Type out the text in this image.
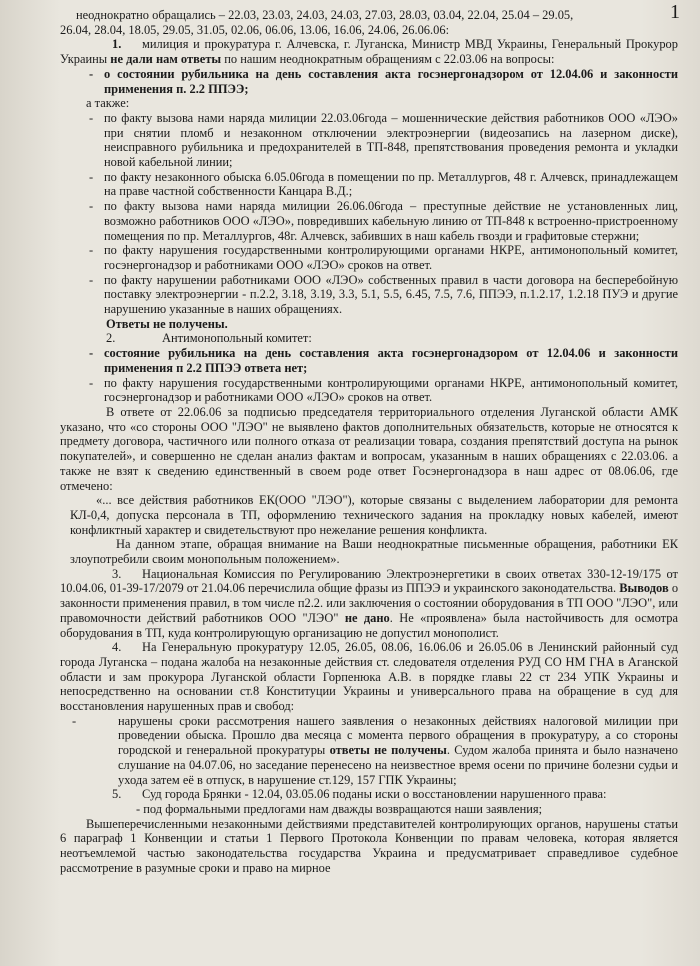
1

неоднократно обращались – 22.03, 23.03, 24.03, 24.03, 27.03, 28.03, 03.04, 22.04, 25.04 – 29.05,

26.04, 28.04, 18.05, 29.05, 31.05, 02.06, 06.06, 13.06, 16.06, 24.06, 26.06.06:

1. милиция и прокуратура г. Алчевска, г. Луганска, Министр МВД Украины, Генеральный Прокурор Украины не дали нам ответы по нашим неоднократным обращениям с 22.03.06 на вопросы:

- о состоянии рубильника на день составления акта госэнергонадзором от 12.04.06 и законности применения п. 2.2 ППЭЭ;

а также:

- по факту вызова нами наряда милиции 22.03.06года – мошеннические действия работников ООО «ЛЭО» при снятии пломб и незаконном отключении электроэнергии (видеозапись на лазерном диске), неисправного рубильника и предохранителей в ТП-848, препятствования проведения ремонта и укладки новой кабельной линии;

- по факту незаконного обыска 6.05.06года в помещении по пр. Металлургов, 48 г. Алчевск, принадлежащем на праве частной собственности Канцара В.Д.;

- по факту вызова нами наряда милиции 26.06.06года – преступные действие не установленных лиц, возможно работников ООО «ЛЭО», повредивших кабельную линию от ТП-848 к встроенно-пристроенному помещения по пр. Металлургов, 48г. Алчевск, забивших в наш кабель гвозди и графитовые стержни;

- по факту нарушения государственными контролирующими органами НКРЕ, антимонопольный комитет, госэнергонадзор и работниками ООО «ЛЭО» сроков на ответ.

- по факту нарушении работниками ООО «ЛЭО» собственных правил в части договора на бесперебойную поставку электроэнергии - п.2.2, 3.18, 3.19, 3.3, 5.1, 5.5, 6.45, 7.5, 7.6, ППЭЭ, п.1.2.17, 1.2.18 ПУЭ и другие нарушению указанные в наших обращениях.

Ответы не получены.

2.	Антимонопольный комитет:

- состояние рубильника на день составления акта госэнергонадзором от 12.04.06 и законности применения п 2.2 ППЭЭ ответа нет;

- по факту нарушения государственными контролирующими органами НКРЕ, антимонопольный комитет, госэнергонадзор и работниками ООО «ЛЭО» сроков на ответ.

В ответе от 22.06.06 за подписью председателя территориального отделения Луганской области АМК указано, что «со стороны ООО "ЛЭО" не выявлено фактов дополнительных обязательств, которые не относятся к предмету договора, частичного или полного отказа от реализации товара, создания препятствий доступа на рынок покупателей», и совершенно не сделан анализ фактам и вопросам, указанным в наших обращениях с 22.03.06. а также не взят к сведению единственный в своем роде ответ Госэнергонадзора в наш адрес от 08.06.06, где отмечено:

«... все действия работников ЕК(ООО "ЛЭО"), которые связаны с выделением лаборатории для ремонта КЛ-0,4, допуска персонала в ТП, оформлению технического задания на прокладку новых кабелей, имеют конфликтный характер и свидетельствуют про нежелание решения конфликта.

На данном этапе, обращая внимание на Ваши неоднократные письменные обращения, работники ЕК злоупотребили своим монопольным положением».

3. Национальная Комиссия по Регулированию Электроэнергетики в своих ответах 330-12-19/175 от 10.04.06, 01-39-17/2079 от 21.04.06 перечислила общие фразы из ППЭЭ и украинского законодательства. Выводов о законности применения правил, в том числе п2.2. или заключения о состоянии оборудования в ТП ООО "ЛЭО", или правомочности действий работников ООО "ЛЭО" не дано. Не «проявлена» была настойчивость для осмотра оборудования в ТП, куда контролирующую организацию не допустил монополист.

4. На Генеральную прокуратуру 12.05, 26.05, 08.06, 16.06.06 и 26.05.06 в Ленинский районный суд города Луганска – подана жалоба на незаконные действия ст. следователя отделения РУД СО НМ ГНА в Аганской области и зам прокурора Луганской области Горпенюка А.В. в порядке главы 22 ст 234 УПК Украины и непосредственно на основании ст.8 Конституции Украины и универсального права на обращение в суд для восстановления нарушенных прав и свобод:

-	нарушены сроки рассмотрения нашего заявления о незаконных действиях налоговой милиции при проведении обыска. Прошло два месяца с момента первого обращения в прокуратуру, а со стороны городской и генеральной прокуратуры ответы не получены. Судом жалоба принята и было назначено слушание на 04.07.06, но заседание перенесено на неизвестное время осени по причине болезни судьи и ухода затем её в отпуск, в нарушение ст.129, 157 ГПК Украины;

5. Суд города Брянки - 12.04, 03.05.06 поданы иски о восстановлении нарушенного права:

- под формальными предлогами нам дважды возвращаются наши заявления;

Вышеперечисленными незаконными действиями представителей контролирующих органов, нарушены статьи 6 параграф 1 Конвенции и статьи 1 Первого Протокола Конвенции по правам человека, которая является неотъемлемой частью законодательства государства Украина и предусматривает справедливое судебное рассмотрение в разумные сроки и право на мирное
